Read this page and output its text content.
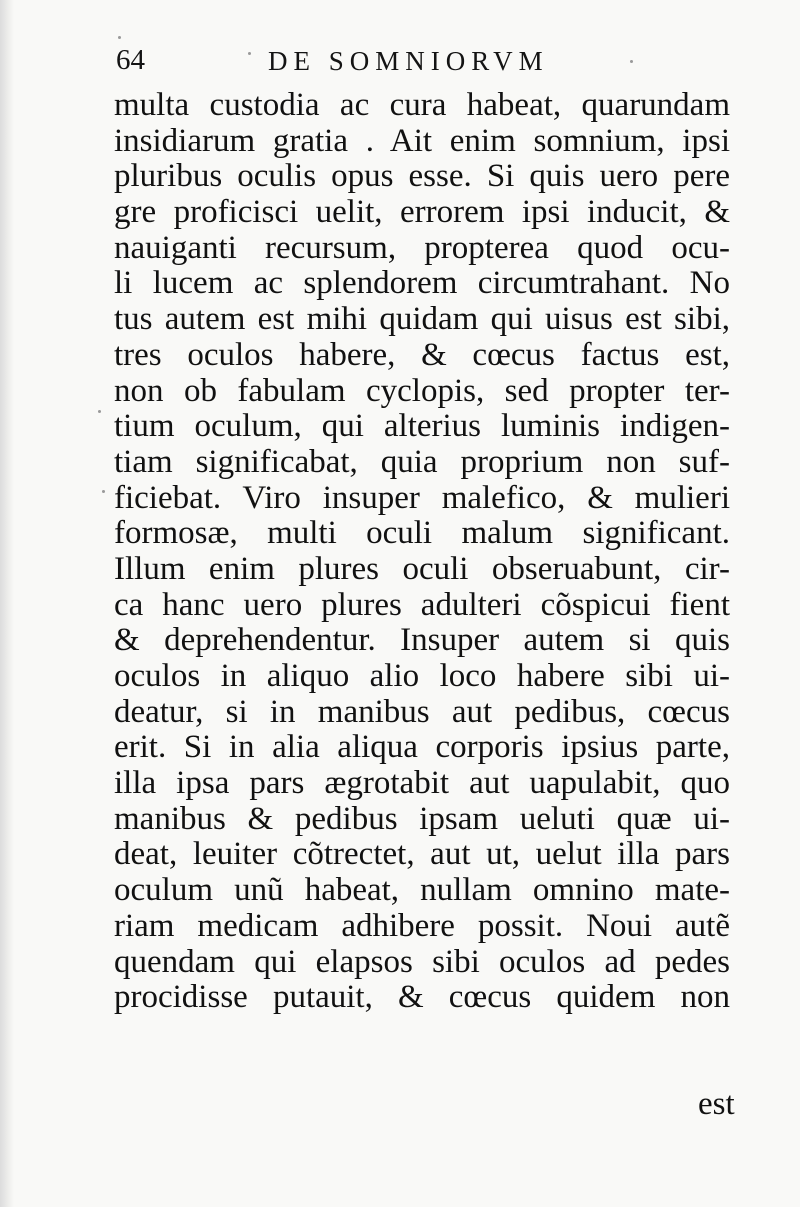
64	DE SOMNIORVM
multa custodia ac cura habeat, quarundam
insidiarum gratia . Ait enim somnium, ipsi
pluribus oculis opus esse. Si quis uero pere
gre proficisci uelit, errorem ipsi inducit, &
nauiganti recursum, propterea quod ocu-
li lucem ac splendorem circumtrahant. No
tus autem est mihi quidam qui uisus est sibi,
tres oculos habere, & cœcus factus est,
non ob fabulam cyclopis, sed propter ter-
tium oculum, qui alterius luminis indigen-
tiam significabat, quia proprium non suf-
ficiebat. Viro insuper malefico, & mulieri
formosæ, multi oculi malum significant.
Illum enim plures oculi obseruabunt, cir-
ca hanc uero plures adulteri cõspicui fient
& deprehendentur. Insuper autem si quis
oculos in aliquo alio loco habere sibi ui-
deatur, si in manibus aut pedibus, cœcus
erit. Si in alia aliqua corporis ipsius parte,
illa ipsa pars ægrotabit aut uapulabit, quo
manibus & pedibus ipsam ueluti quæ ui-
deat, leuiter cõtrectet, aut ut, uelut illa pars
oculum unũ habeat, nullam omnino mate-
riam medicam adhibere possit. Noui autẽ
quendam qui elapsos sibi oculos ad pedes
procidisse putauit, & cœcus quidem non
est
